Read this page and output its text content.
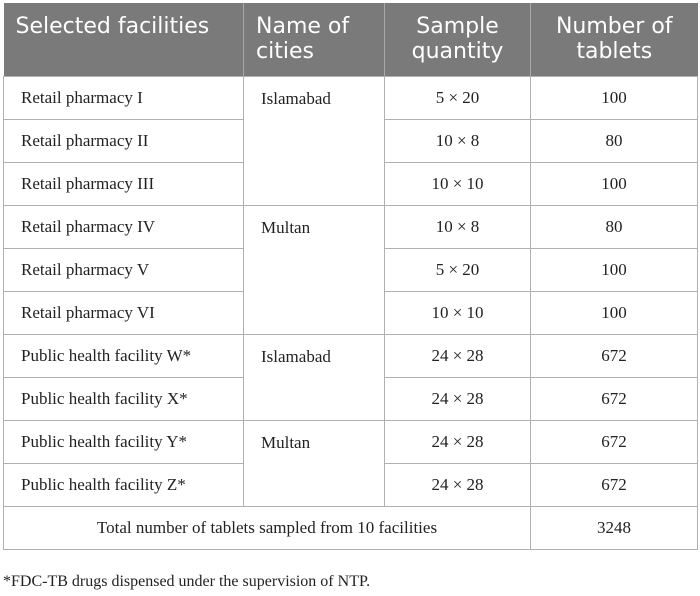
Selected facilities	Name of cities	Sample quantity	Number of tablets
Retail pharmacy I	Islamabad	5 × 20	100
Retail pharmacy II		10 × 8	80
Retail pharmacy III		10 × 10	100
Retail pharmacy IV	Multan	10 × 8	80
Retail pharmacy V		5 × 20	100
Retail pharmacy VI		10 × 10	100
Public health facility W*	Islamabad	24 × 28	672
Public health facility X*		24 × 28	672
Public health facility Y*	Multan	24 × 28	672
Public health facility Z*		24 × 28	672
Total number of tablets sampled from 10 facilities			3248
*FDC-TB drugs dispensed under the supervision of NTP.
